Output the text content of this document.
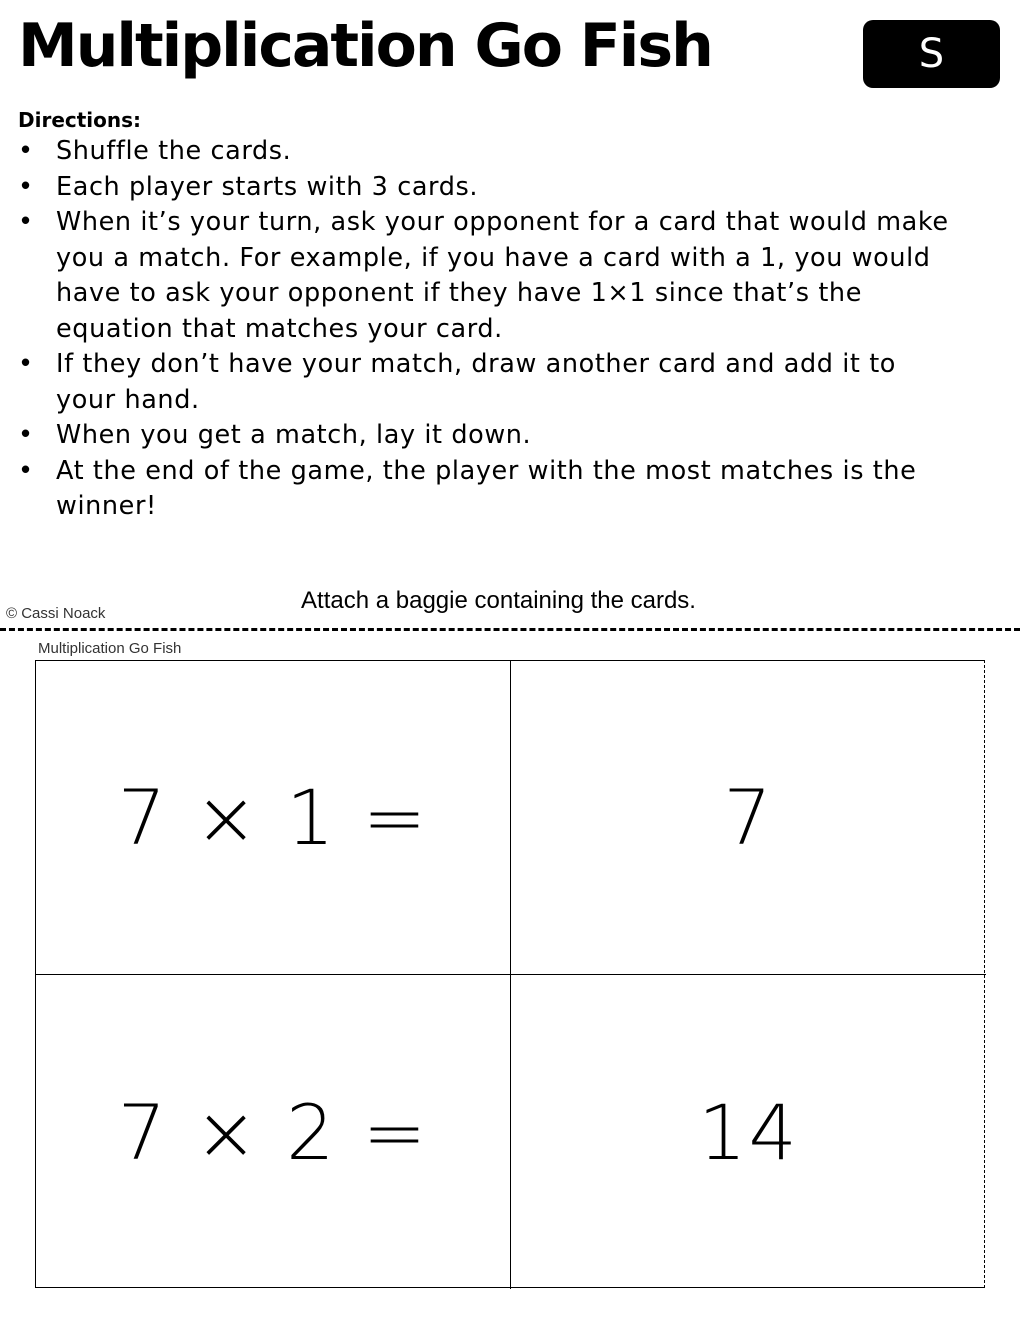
Multiplication Go Fish	S
Directions:
• Shuffle the cards.
• Each player starts with 3 cards.
• When it’s your turn, ask your opponent for a card that would make you a match. For example, if you have a card with a 1, you would have to ask your opponent if they have 1×1 since that’s the equation that matches your card.
• If they don’t have your match, draw another card and add it to your hand.
• When you get a match, lay it down.
• At the end of the game, the player with the most matches is the winner!
© Cassi Noack	Attach a baggie containing the cards.
Multiplication Go Fish
7 × 1 =	7
7 × 2 =	14
